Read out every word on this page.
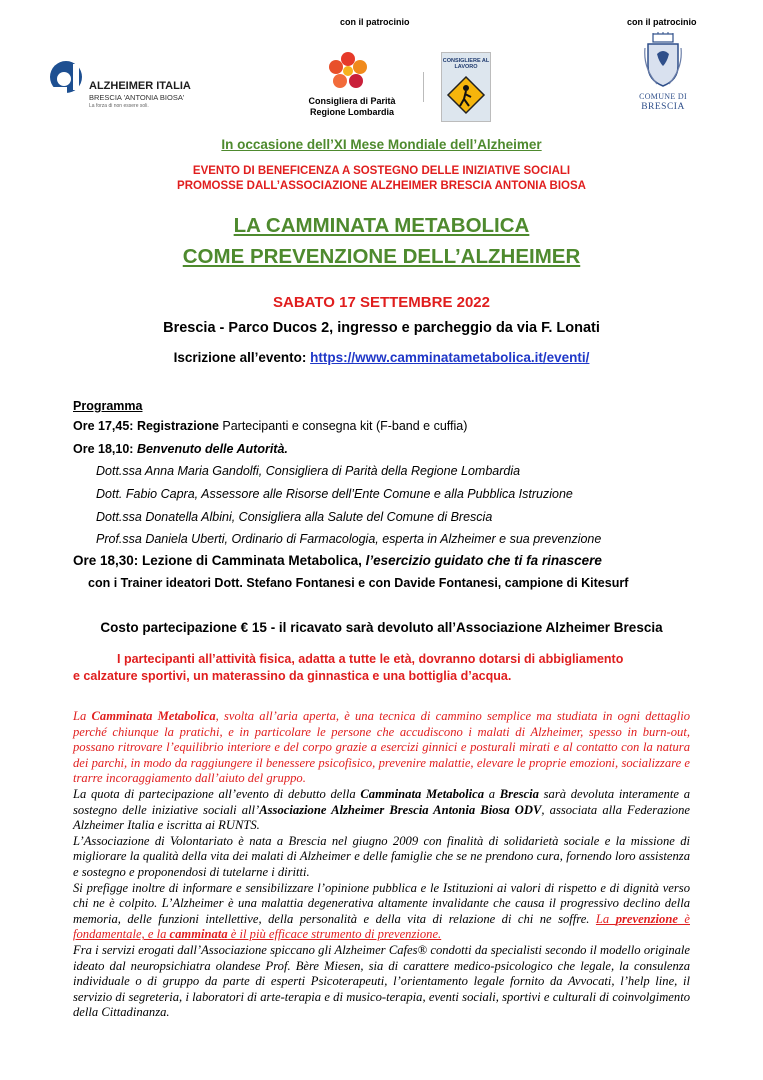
con il patrocinio	con il patrocinio
ALZHEIMER ITALIA
BRESCIA 'ANTONIA BIOSA'
La forza di non essere soli.	Consigliera di Parità
Regione Lombardia
CONSIGLIERE AL LAVORO
COMUNE DI
BRESCIA
In occasione dell’XI Mese Mondiale dell’Alzheimer
EVENTO DI BENEFICENZA A SOSTEGNO DELLE INIZIATIVE SOCIALI
PROMOSSE DALL’ASSOCIAZIONE ALZHEIMER BRESCIA ANTONIA BIOSA
LA CAMMINATA METABOLICA
COME PREVENZIONE DELL’ALZHEIMER
SABATO 17 SETTEMBRE 2022
Brescia - Parco Ducos 2, ingresso e parcheggio da via F. Lonati
Iscrizione all’evento: https://www.camminatametabolica.it/eventi/
Programma
Ore 17,45: Registrazione Partecipanti e consegna kit (F-band e cuffia)
Ore 18,10: Benvenuto delle Autorità.
Dott.ssa Anna Maria Gandolfi, Consigliera di Parità della Regione Lombardia
Dott. Fabio Capra, Assessore alle Risorse dell’Ente Comune e alla Pubblica Istruzione
Dott.ssa Donatella Albini, Consigliera alla Salute del Comune di Brescia
Prof.ssa Daniela Uberti, Ordinario di Farmacologia, esperta in Alzheimer e sua prevenzione
Ore 18,30: Lezione di Camminata Metabolica, l’esercizio guidato che ti fa rinascere
con i Trainer ideatori Dott. Stefano Fontanesi e con Davide Fontanesi, campione di Kitesurf
Costo partecipazione € 15 - il ricavato sarà devoluto all’Associazione Alzheimer Brescia
I partecipanti all’attività fisica, adatta a tutte le età, dovranno dotarsi di abbigliamento
e calzature sportivi, un materassino da ginnastica e una bottiglia d’acqua.

La Camminata Metabolica, svolta all’aria aperta, è una tecnica di cammino semplice ma studiata in ogni dettaglio perché chiunque la pratichi, e in particolare le persone che accudiscono i malati di Alzheimer, spesso in burn-out, possano ritrovare l’equilibrio interiore e del corpo grazie a esercizi ginnici e posturali mirati e al contatto con la natura dei parchi, in modo da raggiungere il benessere psicofisico, prevenire malattie, elevare le proprie emozioni, socializzare e trarre incoraggiamento dall’aiuto del gruppo.

La quota di partecipazione all’evento di debutto della Camminata Metabolica a Brescia sarà devoluta interamente a sostegno delle iniziative sociali all’Associazione Alzheimer Brescia Antonia Biosa ODV, associata alla Federazione Alzheimer Italia e iscritta ai RUNTS.

L’Associazione di Volontariato è nata a Brescia nel giugno 2009 con finalità di solidarietà sociale e la missione di migliorare la qualità della vita dei malati di Alzheimer e delle famiglie che se ne prendono cura, fornendo loro assistenza e sostegno e proponendosi di tutelarne i diritti.

Si prefigge inoltre di informare e sensibilizzare l’opinione pubblica e le Istituzioni ai valori di rispetto e di dignità verso chi ne è colpito. L’Alzheimer è una malattia degenerativa altamente invalidante che causa il progressivo declino della memoria, delle funzioni intellettive, della personalità e della vita di relazione di chi ne soffre. La prevenzione è fondamentale, e la camminata è il più efficace strumento di prevenzione.

Fra i servizi erogati dall’Associazione spiccano gli Alzheimer Cafes® condotti da specialisti secondo il modello originale ideato dal neuropsichiatra olandese Prof. Bère Miesen, sia di carattere medico-psicologico che legale, la consulenza individuale o di gruppo da parte di esperti Psicoterapeuti, l’orientamento legale fornito da Avvocati, l’help line, il servizio di segreteria, i laboratori di arte-terapia e di musico-terapia, eventi sociali, sportivi e culturali di coinvolgimento della Cittadinanza.
